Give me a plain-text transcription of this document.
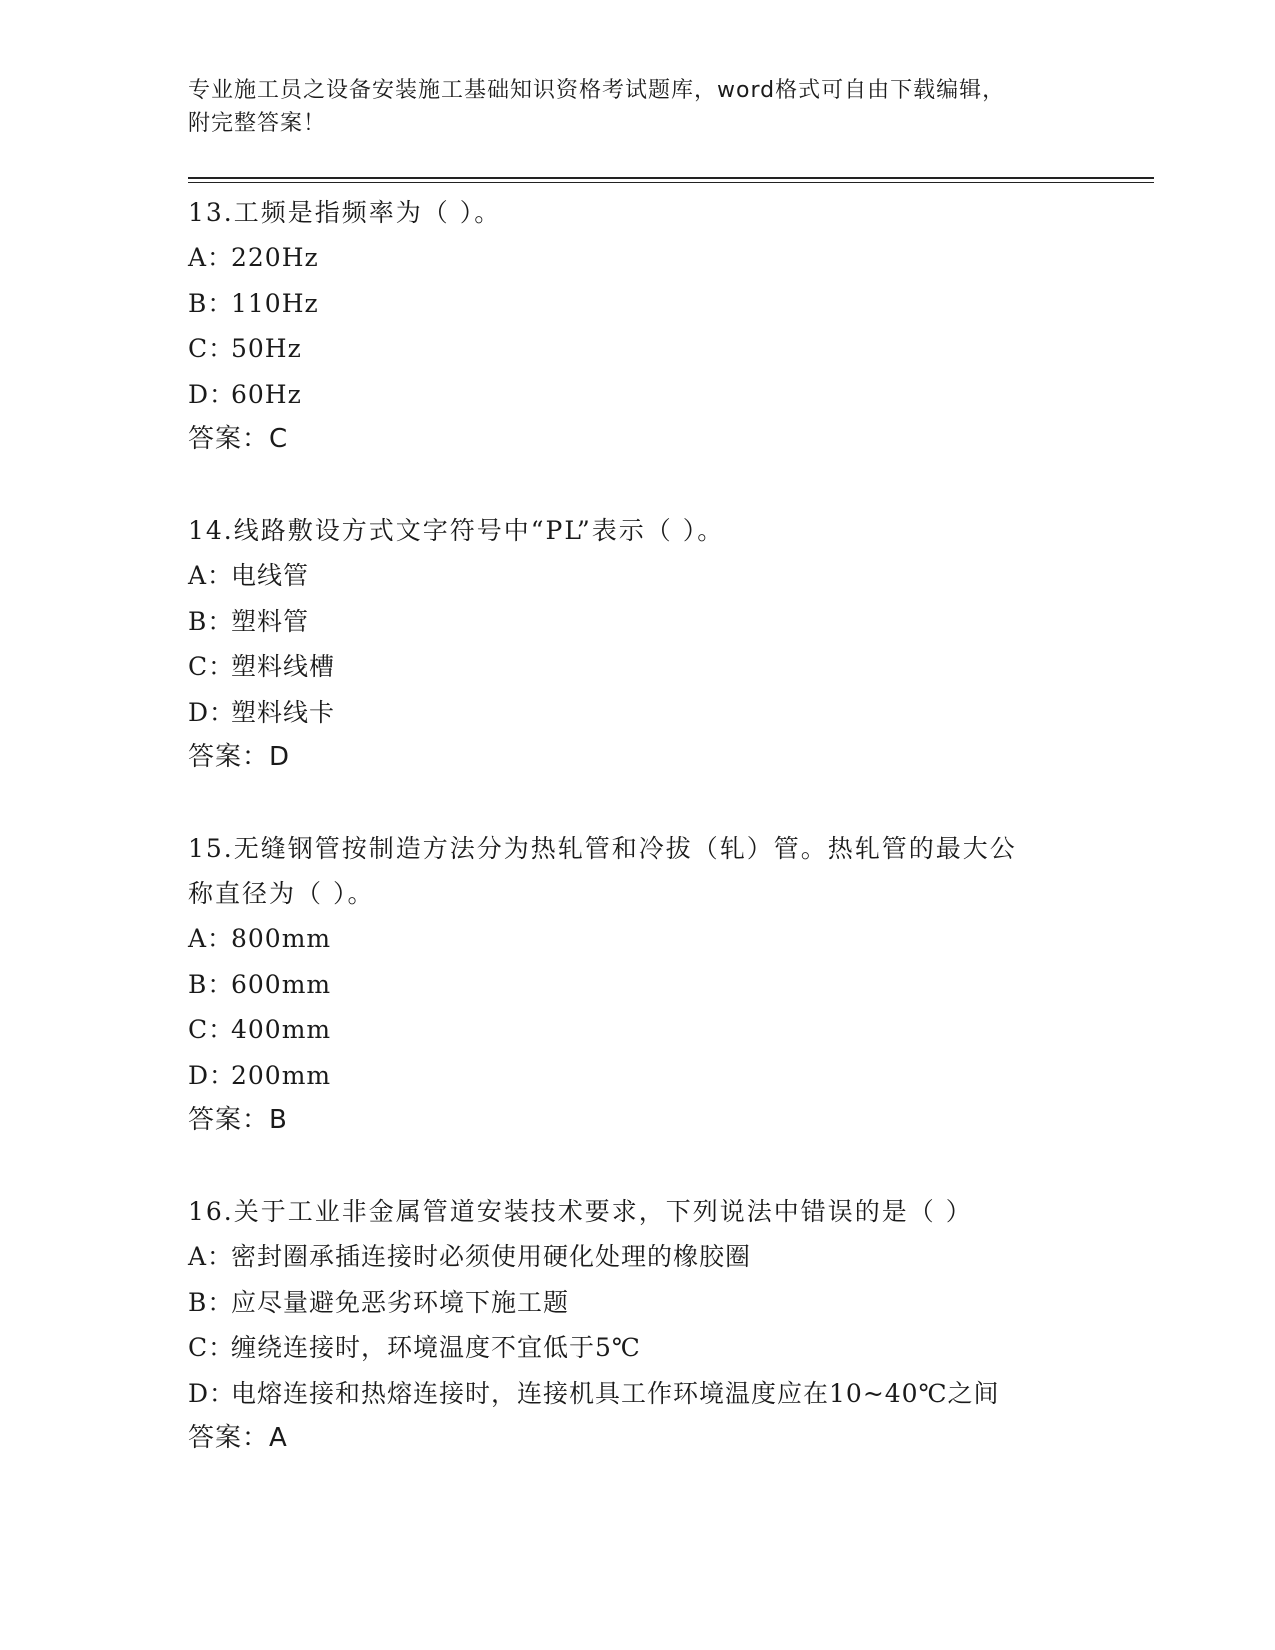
专业施工员之设备安装施工基础知识资格考试题库，word格式可自由下载编辑，
附完整答案！

13.工频是指频率为（ ）。

A：220Hz

B：110Hz

C：50Hz

D：60Hz

答案：C

14.线路敷设方式文字符号中“PL”表示（ ）。

A：电线管

B：塑料管

C：塑料线槽

D：塑料线卡

答案：D

15.无缝钢管按制造方法分为热轧管和冷拔（轧）管。热轧管的最大公

称直径为（ ）。

A：800mm

B：600mm

C：400mm

D：200mm

答案：B

16.关于工业非金属管道安装技术要求，下列说法中错误的是（ ）

A：密封圈承插连接时必须使用硬化处理的橡胶圈

B：应尽量避免恶劣环境下施工题

C：缠绕连接时，环境温度不宜低于5℃

D：电熔连接和热熔连接时，连接机具工作环境温度应在10~40℃之间

答案：A
